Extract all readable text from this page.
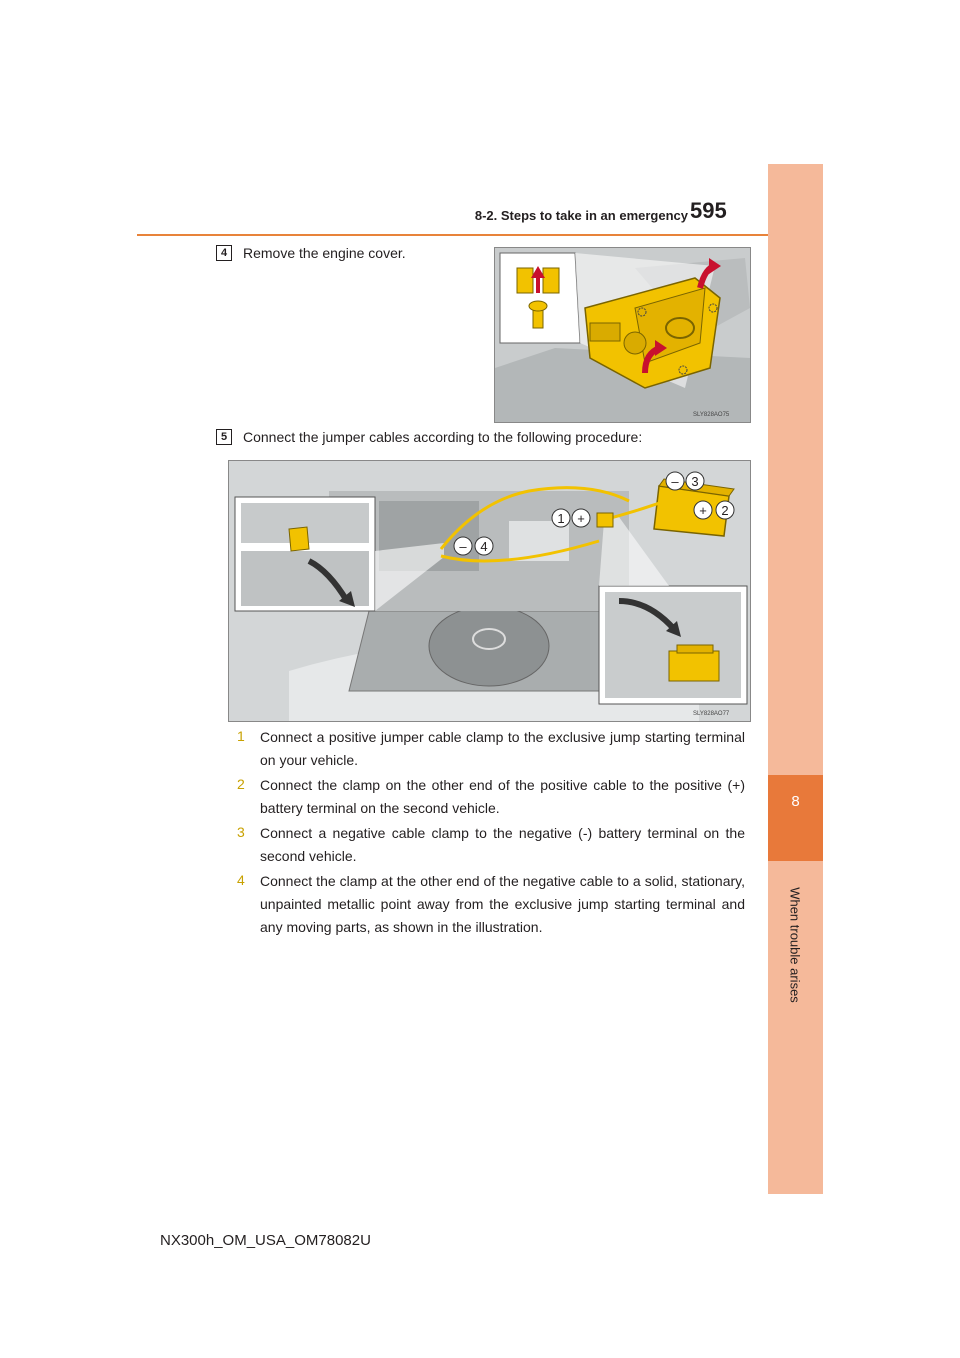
8-2. Steps to take in an emergency 595
8
When trouble arises
4	Remove the engine cover.
SLY828AO75
5	Connect the jumper cables according to the following procedure:
1 +
+ 2
– 3
– 4
SLY828AO77
1 Connect a positive jumper cable clamp to the exclusive jump starting terminal on your vehicle.
2 Connect the clamp on the other end of the positive cable to the positive (+) battery terminal on the second vehicle.
3 Connect a negative cable clamp to the negative (-) battery terminal on the second vehicle.
4 Connect the clamp at the other end of the negative cable to a solid, stationary, unpainted metallic point away from the exclusive jump starting terminal and any moving parts, as shown in the illustration.
NX300h_OM_USA_OM78082U
